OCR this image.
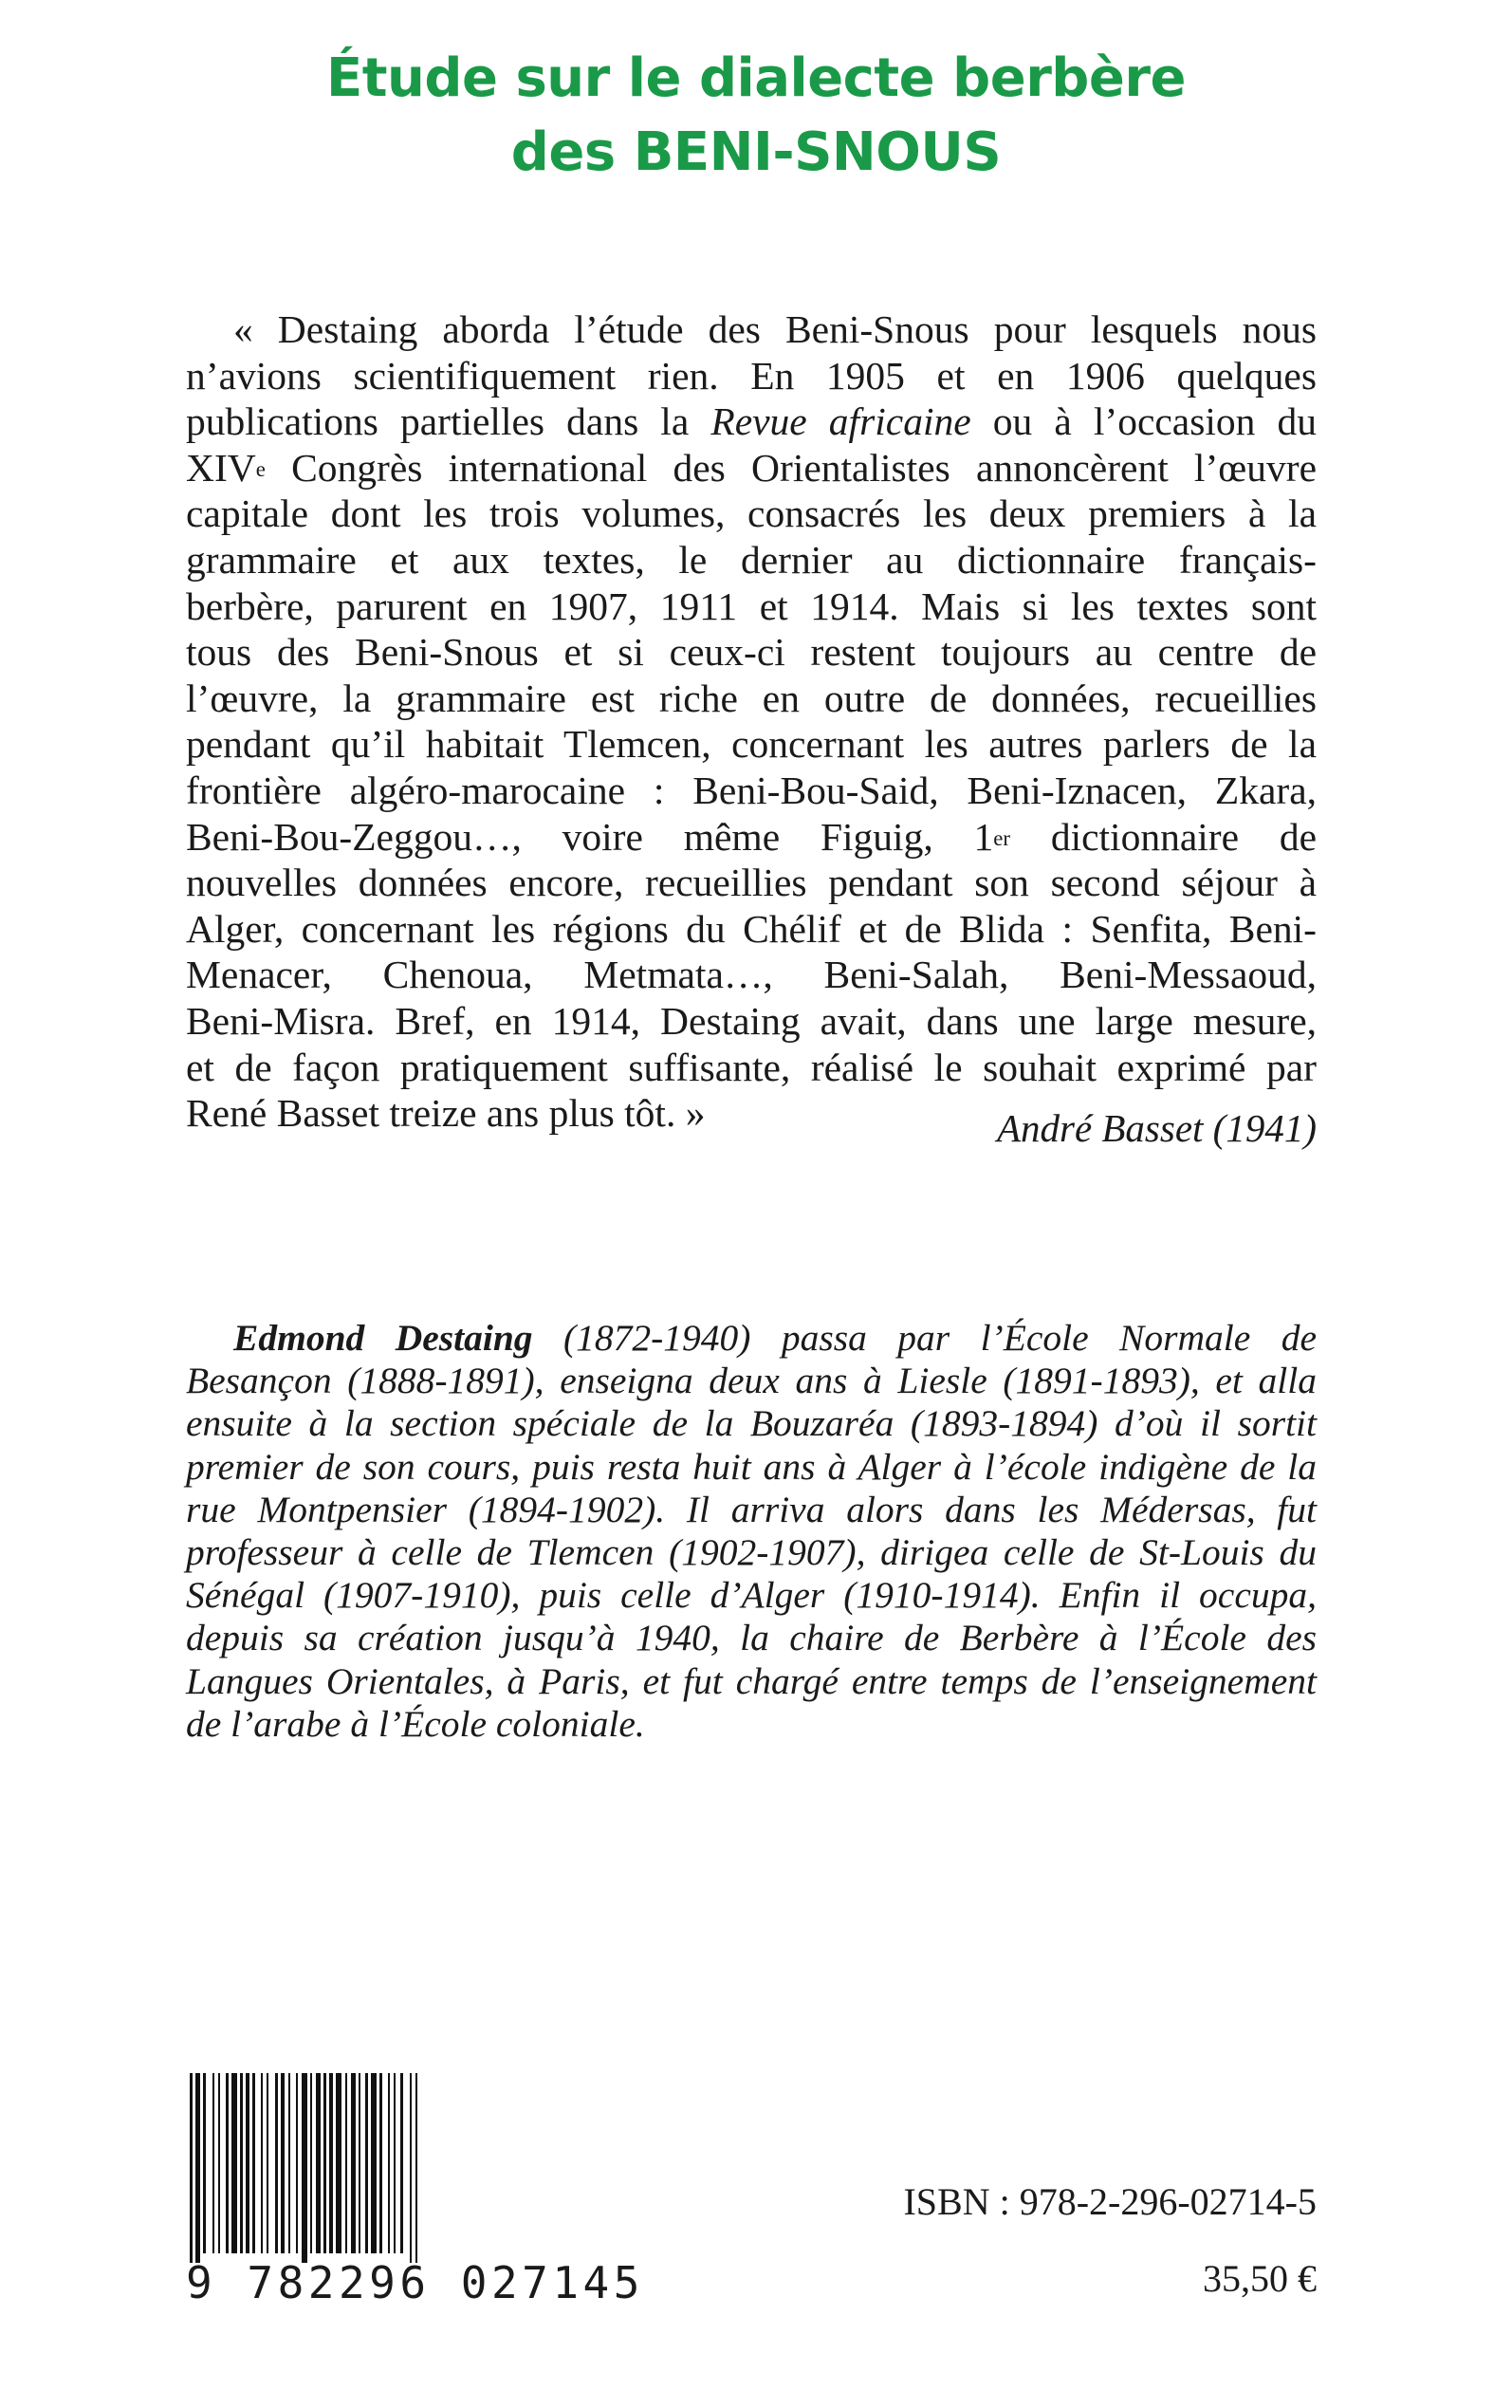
Étude sur le dialecte berbère
des BENI-SNOUS

« Destaing aborda l’étude des Beni-Snous pour lesquels nous
n’avions scientifiquement rien. En 1905 et en 1906 quelques
publications partielles dans la Revue africaine ou à l’occasion du
XIVe Congrès international des Orientalistes annoncèrent l’œuvre
capitale dont les trois volumes, consacrés les deux premiers à la
grammaire et aux textes, le dernier au dictionnaire français-
berbère, parurent en 1907, 1911 et 1914. Mais si les textes sont
tous des Beni-Snous et si ceux-ci restent toujours au centre de
l’œuvre, la grammaire est riche en outre de données, recueillies
pendant qu’il habitait Tlemcen, concernant les autres parlers de la
frontière algéro-marocaine : Beni-Bou-Said, Beni-Iznacen, Zkara,
Beni-Bou-Zeggou…, voire même Figuig, 1er dictionnaire de
nouvelles données encore, recueillies pendant son second séjour à
Alger, concernant les régions du Chélif et de Blida : Senfita, Beni-
Menacer, Chenoua, Metmata…, Beni-Salah, Beni-Messaoud,
Beni-Misra. Bref, en 1914, Destaing avait, dans une large mesure,
et de façon pratiquement suffisante, réalisé le souhait exprimé par
René Basset treize ans plus tôt. »	André Basset (1941)

Edmond Destaing (1872-1940) passa par l’École Normale de
Besançon (1888-1891), enseigna deux ans à Liesle (1891-1893), et alla
ensuite à la section spéciale de la Bouzaréa (1893-1894) d’où il sortit
premier de son cours, puis resta huit ans à Alger à l’école indigène de la
rue Montpensier (1894-1902). Il arriva alors dans les Médersas, fut
professeur à celle de Tlemcen (1902-1907), dirigea celle de St-Louis du
Sénégal (1907-1910), puis celle d’Alger (1910-1914). Enfin il occupa,
depuis sa création jusqu’à 1940, la chaire de Berbère à l’École des
Langues Orientales, à Paris, et fut chargé entre temps de l’enseignement
de l’arabe à l’École coloniale.

9 782296 027145

ISBN : 978-2-296-02714-5

35,50 €
